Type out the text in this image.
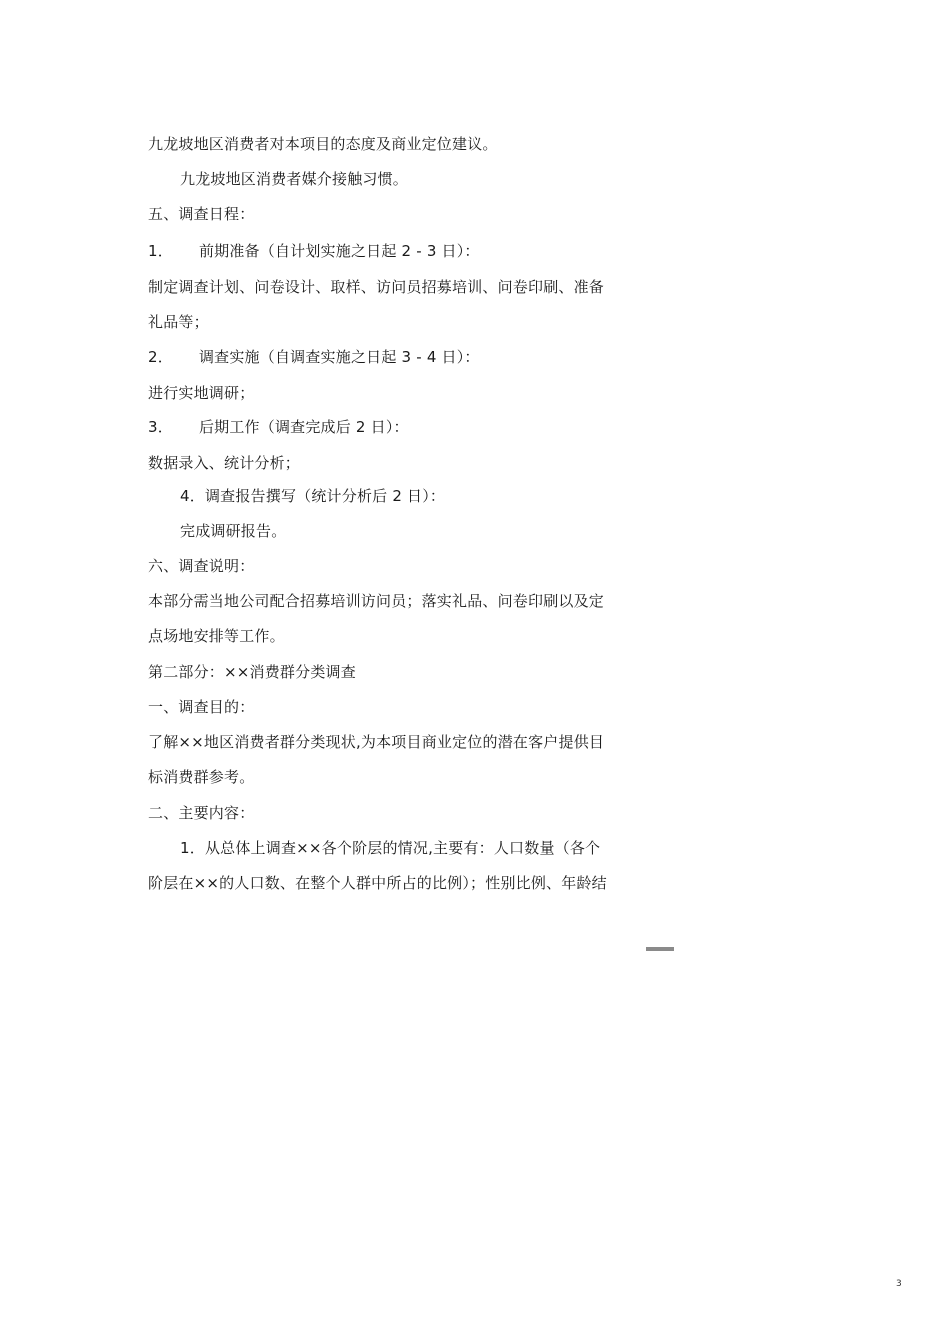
九龙坡地区消费者对本项目的态度及商业定位建议。
九龙坡地区消费者媒介接触习惯。
五、调查日程：
1． 前期准备（自计划实施之日起 2 - 3 日）：
制定调查计划、问卷设计、取样、访问员招募培训、问卷印刷、准备
礼品等；
2． 调查实施（自调查实施之日起 3 - 4 日）：
进行实地调研；
3． 后期工作（调查完成后 2 日）：
数据录入、统计分析；
4．调查报告撰写（统计分析后 2 日）：
完成调研报告。
六、调查说明：
本部分需当地公司配合招募培训访问员；落实礼品、问卷印刷以及定
点场地安排等工作。
第二部分：××消费群分类调查
一、调查目的：
了解××地区消费者群分类现状,为本项目商业定位的潜在客户提供目
标消费群参考。
二、主要内容：
1．从总体上调查××各个阶层的情况,主要有：人口数量（各个
阶层在××的人口数、在整个人群中所占的比例）；性别比例、年龄结
3
